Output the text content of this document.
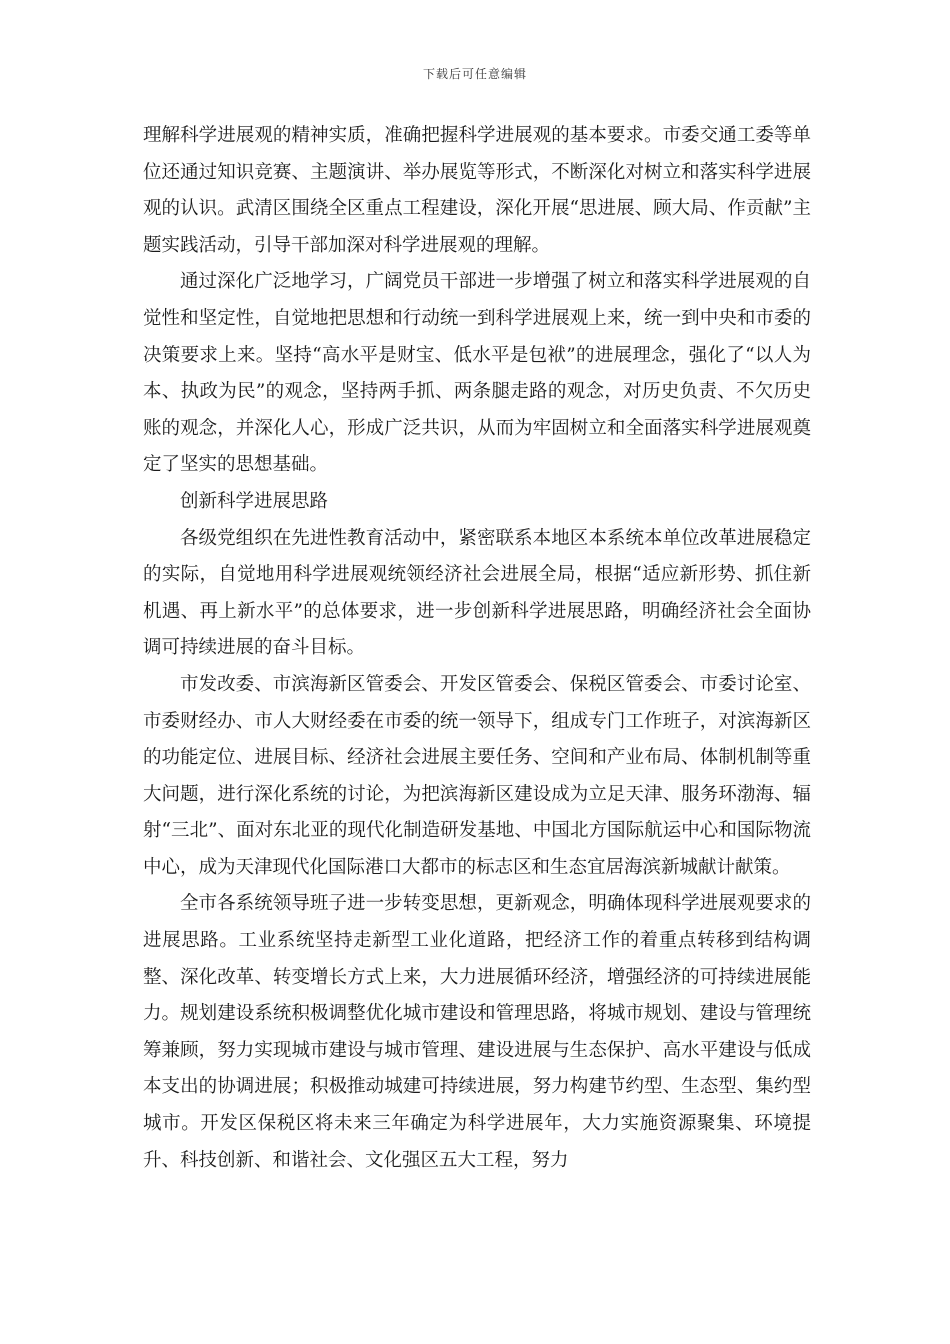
下载后可任意编辑

理解科学进展观的精神实质，准确把握科学进展观的基本要求。市委交通工委等单位还通过知识竞赛、主题演讲、举办展览等形式，不断深化对树立和落实科学进展观的认识。武清区围绕全区重点工程建设，深化开展“思进展、顾大局、作贡献”主题实践活动，引导干部加深对科学进展观的理解。

通过深化广泛地学习，广阔党员干部进一步增强了树立和落实科学进展观的自觉性和坚定性，自觉地把思想和行动统一到科学进展观上来，统一到中央和市委的决策要求上来。坚持“高水平是财宝、低水平是包袱”的进展理念，强化了“以人为本、执政为民”的观念，坚持两手抓、两条腿走路的观念，对历史负责、不欠历史账的观念，并深化人心，形成广泛共识，从而为牢固树立和全面落实科学进展观奠定了坚实的思想基础。

创新科学进展思路

各级党组织在先进性教育活动中，紧密联系本地区本系统本单位改革进展稳定的实际，自觉地用科学进展观统领经济社会进展全局，根据“适应新形势、抓住新机遇、再上新水平”的总体要求，进一步创新科学进展思路，明确经济社会全面协调可持续进展的奋斗目标。

市发改委、市滨海新区管委会、开发区管委会、保税区管委会、市委讨论室、市委财经办、市人大财经委在市委的统一领导下，组成专门工作班子，对滨海新区的功能定位、进展目标、经济社会进展主要任务、空间和产业布局、体制机制等重大问题，进行深化系统的讨论，为把滨海新区建设成为立足天津、服务环渤海、辐射“三北”、面对东北亚的现代化制造研发基地、中国北方国际航运中心和国际物流中心，成为天津现代化国际港口大都市的标志区和生态宜居海滨新城献计献策。

全市各系统领导班子进一步转变思想，更新观念，明确体现科学进展观要求的进展思路。工业系统坚持走新型工业化道路，把经济工作的着重点转移到结构调整、深化改革、转变增长方式上来，大力进展循环经济，增强经济的可持续进展能力。规划建设系统积极调整优化城市建设和管理思路，将城市规划、建设与管理统筹兼顾，努力实现城市建设与城市管理、建设进展与生态保护、高水平建设与低成本支出的协调进展；积极推动城建可持续进展，努力构建节约型、生态型、集约型城市。开发区保税区将未来三年确定为科学进展年，大力实施资源聚集、环境提升、科技创新、和谐社会、文化强区五大工程，努力
